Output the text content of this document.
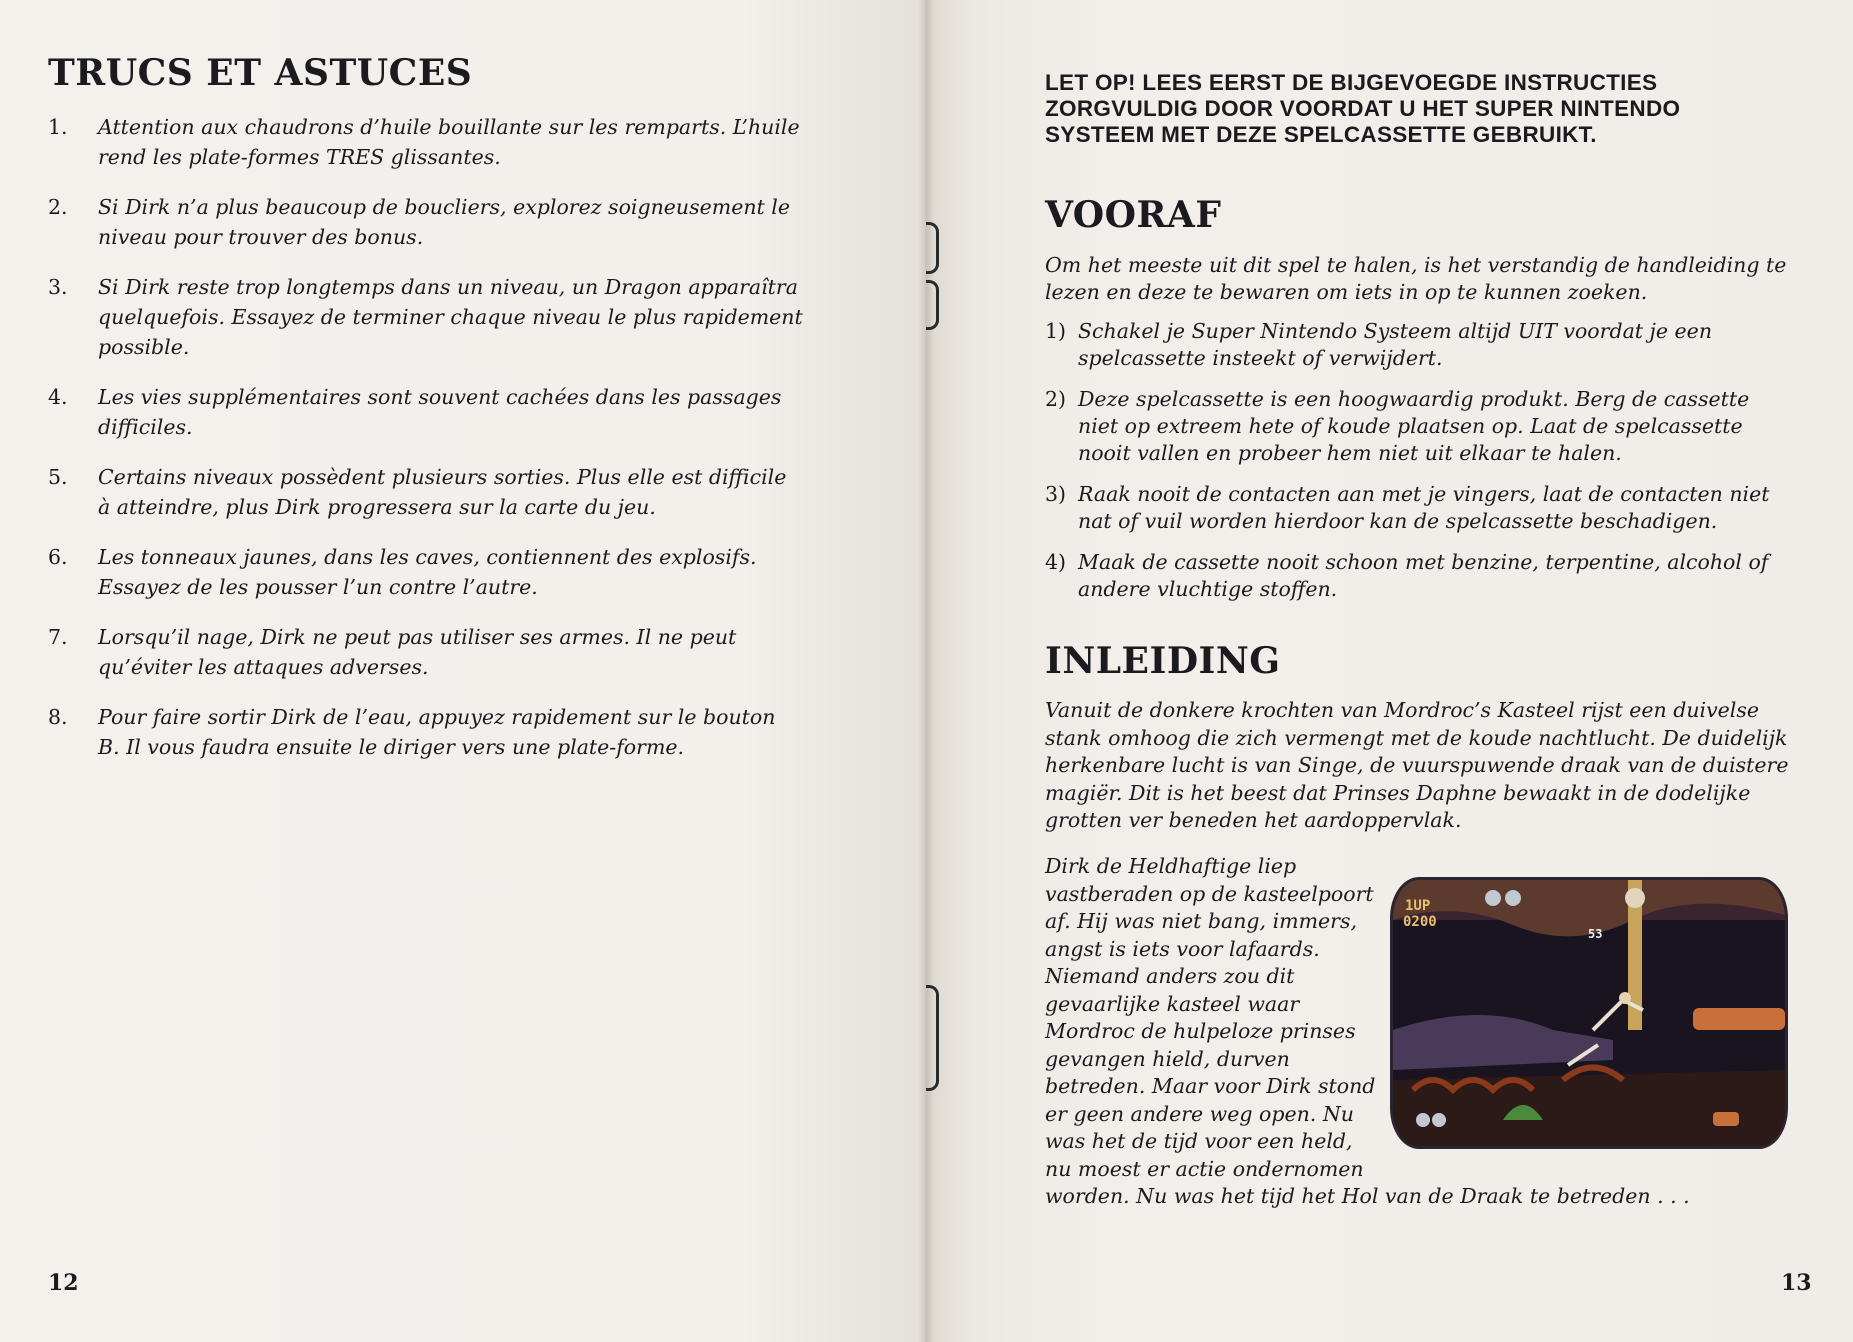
TRUCS ET ASTUCES
1.	Attention aux chaudrons d’huile bouillante sur les remparts. L’huile rend les plate-formes TRES glissantes.
2.	Si Dirk n’a plus beaucoup de boucliers, explorez soigneusement le niveau pour trouver des bonus.
3.	Si Dirk reste trop longtemps dans un niveau, un Dragon apparaîtra quelquefois. Essayez de terminer chaque niveau le plus rapidement possible.
4.	Les vies supplémentaires sont souvent cachées dans les passages difficiles.
5.	Certains niveaux possèdent plusieurs sorties. Plus elle est difficile à atteindre, plus Dirk progressera sur la carte du jeu.
6.	Les tonneaux jaunes, dans les caves, contiennent des explosifs. Essayez de les pousser l’un contre l’autre.
7.	Lorsqu’il nage, Dirk ne peut pas utiliser ses armes. Il ne peut qu’éviter les attaques adverses.
8.	Pour faire sortir Dirk de l’eau, appuyez rapidement sur le bouton B. Il vous faudra ensuite le diriger vers une plate-forme.
12
LET OP! LEES EERST DE BIJGEVOEGDE INSTRUCTIES ZORGVULDIG DOOR VOORDAT U HET SUPER NINTENDO SYSTEEM MET DEZE SPELCASSETTE GEBRUIKT.
VOORAF

Om het meeste uit dit spel te halen, is het verstandig de handleiding te lezen en deze te bewaren om iets in op te kunnen zoeken.

1) Schakel je Super Nintendo Systeem altijd UIT voordat je een spelcassette insteekt of verwijdert.
2) Deze spelcassette is een hoogwaardig produkt. Berg de cassette niet op extreem hete of koude plaatsen op. Laat de spelcassette nooit vallen en probeer hem niet uit elkaar te halen.
3) Raak nooit de contacten aan met je vingers, laat de contacten niet nat of vuil worden hierdoor kan de spelcassette beschadigen.
4) Maak de cassette nooit schoon met benzine, terpentine, alcohol of andere vluchtige stoffen.
INLEIDING

Vanuit de donkere krochten van Mordroc’s Kasteel rijst een duivelse stank omhoog die zich vermengt met de koude nachtlucht. De duidelijk herkenbare lucht is van Singe, de vuurspuwende draak van de duistere magiër. Dit is het beest dat Prinses Daphne bewaakt in de dodelijke grotten ver beneden het aardoppervlak.

Dirk de Heldhaftige liep vastberaden op de kasteelpoort af. Hij was niet bang, immers, angst is iets voor lafaards. Niemand anders zou dit gevaarlijke kasteel waar Mordroc de hulpeloze prinses gevangen hield, durven betreden. Maar voor Dirk stond er geen andere weg open. Nu was het de tijd voor een held, nu moest er actie ondernomen worden. Nu was het tijd het Hol van de Draak te betreden . . .

1UP
0200
53
13
